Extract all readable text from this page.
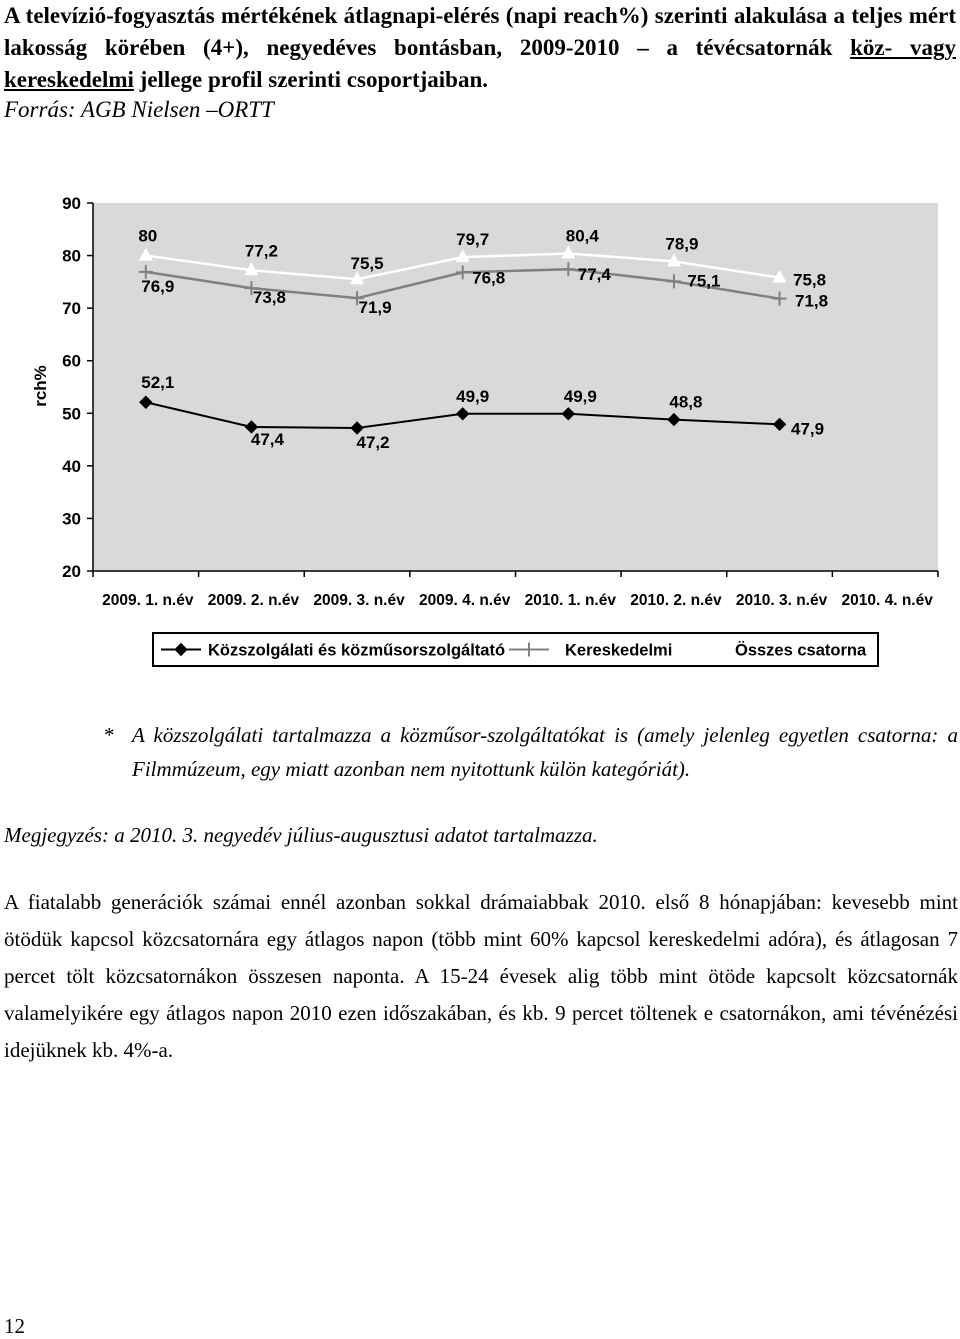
A televízió-fogyasztás mértékének átlagnapi-elérés (napi reach%) szerinti alakulása a teljes mért lakosság körében (4+), negyedéves bontásban, 2009-2010 – a tévécsatornák köz- vagy kereskedelmi jellege profil szerinti csoportjaiban.
Forrás: AGB Nielsen –ORTT
20
30
40
50
60
70
80
90
2009. 1. n.év 2009. 2. n.év 2009. 3. n.év 2009. 4. n.év 2010. 1. n.év 2010. 2. n.év 2010. 3. n.év 2010. 4. n.év
rch%	52,1
47,4	47,2
49,9	49,9	48,8
47,9
76,9
73,8
71,9
76,8	77,4	75,1
71,8
80
77,2
75,5
79,7	80,4	78,9
75,8
Közszolgálati és közműsorszolgáltató	Kereskedelmi	Összes csatorna
* A közszolgálati tartalmazza a közműsor-szolgáltatókat is (amely jelenleg egyetlen csatorna: a Filmmúzeum, egy miatt azonban nem nyitottunk külön kategóriát).
Megjegyzés: a 2010. 3. negyedév július-augusztusi adatot tartalmazza.
A fiatalabb generációk számai ennél azonban sokkal drámaiabbak 2010. első 8 hónapjában: kevesebb mint ötödük kapcsol közcsatornára egy átlagos napon (több mint 60% kapcsol kereskedelmi adóra), és átlagosan 7 percet tölt közcsatornákon összesen naponta. A 15-24 évesek alig több mint ötöde kapcsolt közcsatornák valamelyikére egy átlagos napon 2010 ezen időszakában, és kb. 9 percet töltenek e csatornákon, ami tévénézési idejüknek kb. 4%-a.
12
